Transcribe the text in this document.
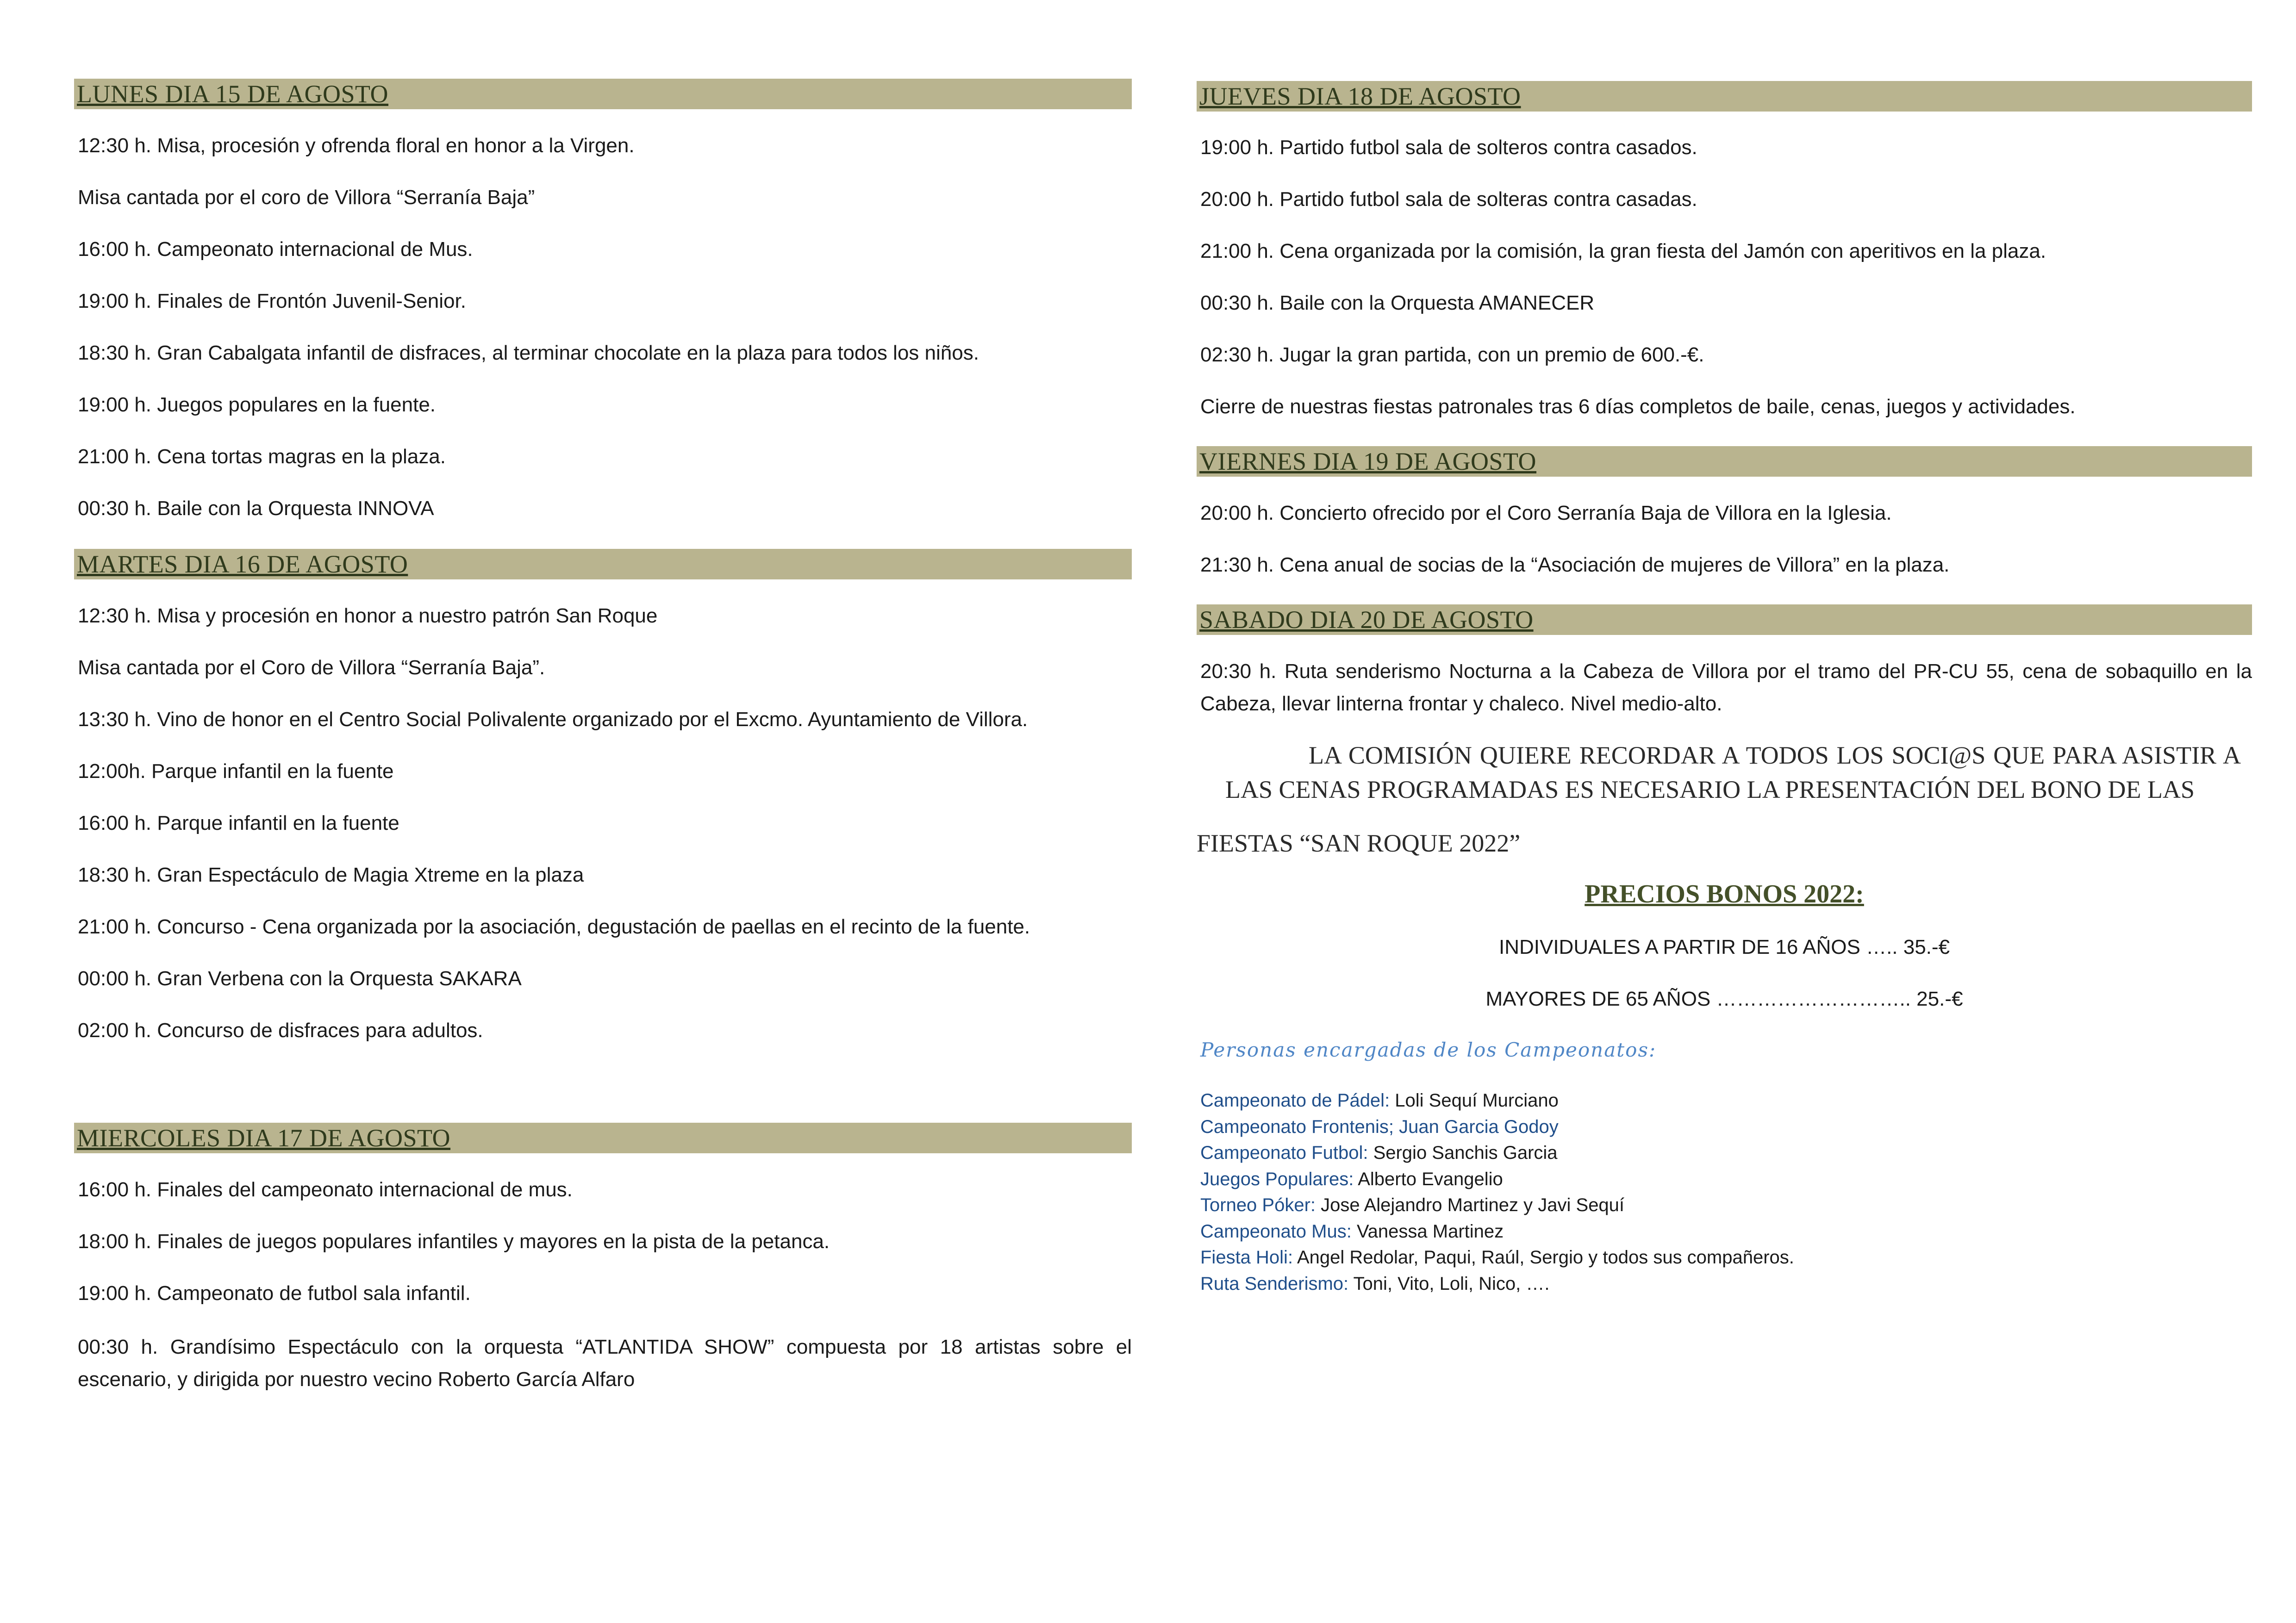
LUNES DIA 15 DE AGOSTO
12:30 h. Misa, procesión y ofrenda floral en honor a la Virgen.
Misa cantada por el coro de Villora “Serranía Baja”
16:00 h. Campeonato internacional de Mus.
19:00 h. Finales de Frontón Juvenil-Senior.
18:30 h. Gran Cabalgata infantil de disfraces, al terminar chocolate en la plaza para todos los niños.
19:00 h. Juegos populares en la fuente.
21:00 h. Cena tortas magras en la plaza.
00:30 h. Baile con la Orquesta INNOVA
MARTES DIA 16 DE AGOSTO
12:30 h. Misa y procesión en honor a nuestro patrón San Roque
Misa cantada por el Coro de Villora “Serranía Baja”.
13:30 h. Vino de honor en el Centro Social Polivalente organizado por el Excmo. Ayuntamiento de Villora.
12:00h. Parque infantil en la fuente
16:00 h. Parque infantil en la fuente
18:30 h. Gran Espectáculo de Magia Xtreme en la plaza
21:00 h. Concurso - Cena organizada por la asociación, degustación de paellas en el recinto de la fuente.
00:00 h. Gran Verbena con la Orquesta SAKARA
02:00 h. Concurso de disfraces para adultos.
MIERCOLES DIA 17 DE AGOSTO
16:00 h. Finales del campeonato internacional de mus.
18:00 h. Finales de juegos populares infantiles y mayores en la pista de la petanca.
19:00 h. Campeonato de futbol sala infantil.
00:30 h. Grandísimo Espectáculo con la orquesta “ATLANTIDA SHOW” compuesta por 18 artistas sobre el escenario, y dirigida por nuestro vecino Roberto García Alfaro
JUEVES DIA 18 DE AGOSTO
19:00 h. Partido futbol sala de solteros contra casados.
20:00 h. Partido futbol sala de solteras contra casadas.
21:00 h. Cena organizada por la comisión, la gran fiesta del Jamón con aperitivos en la plaza.
00:30 h. Baile con la Orquesta AMANECER
02:30 h. Jugar la gran partida, con un premio de 600.-€.
Cierre de nuestras fiestas patronales tras 6 días completos de baile, cenas, juegos y actividades.
VIERNES DIA 19 DE AGOSTO
20:00 h. Concierto ofrecido por el Coro Serranía Baja de Villora en la Iglesia.
21:30 h. Cena anual de socias de la “Asociación de mujeres de Villora” en la plaza.
SABADO DIA 20 DE AGOSTO
20:30 h. Ruta senderismo Nocturna a la Cabeza de Villora por el tramo del PR-CU 55, cena de sobaquillo en la Cabeza, llevar linterna frontar y chaleco. Nivel medio-alto.
LA COMISIÓN QUIERE RECORDAR A TODOS LOS SOCI@S QUE PARA ASISTIR A LAS CENAS PROGRAMADAS ES NECESARIO LA PRESENTACIÓN DEL BONO DE LAS
FIESTAS “SAN ROQUE 2022”
PRECIOS BONOS 2022:
INDIVIDUALES A PARTIR DE 16 AÑOS ….. 35.-€
MAYORES DE 65 AÑOS ……………………….. 25.-€
Personas encargadas de los Campeonatos:
Campeonato de Pádel: Loli Sequí Murciano
Campeonato Frontenis; Juan Garcia Godoy
Campeonato Futbol: Sergio Sanchis Garcia
Juegos Populares: Alberto Evangelio
Torneo Póker: Jose Alejandro Martinez y Javi Sequí
Campeonato Mus: Vanessa Martinez
Fiesta Holi: Angel Redolar, Paqui, Raúl, Sergio y todos sus compañeros.
Ruta Senderismo: Toni, Vito, Loli, Nico, ….
